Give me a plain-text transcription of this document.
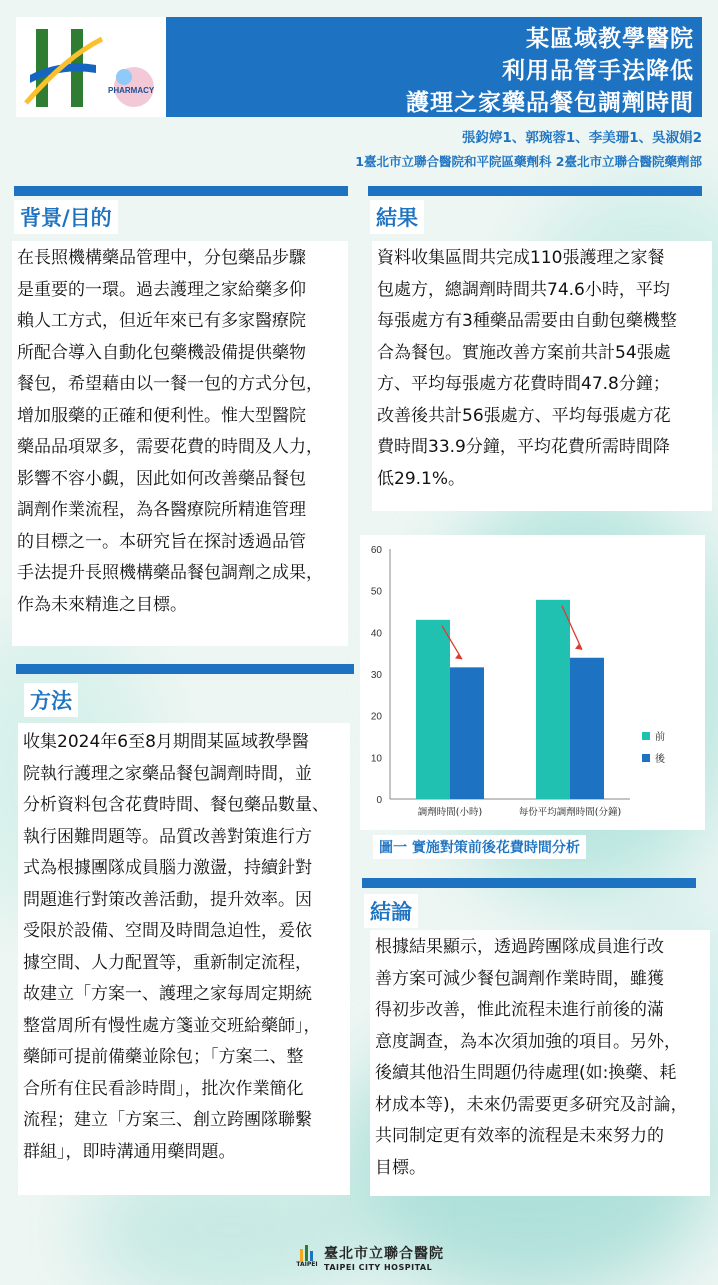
PHARMACY
某區域教學醫院
利用品管手法降低
護理之家藥品餐包調劑時間
張鈞婷1、郭琬蓉1、李美珊1、吳淑娟2
1臺北市立聯合醫院和平院區藥劑科 2臺北市立聯合醫院藥劑部
背景/目的
在長照機構藥品管理中，分包藥品步驟
是重要的一環。過去護理之家給藥多仰
賴人工方式，但近年來已有多家醫療院
所配合導入自動化包藥機設備提供藥物
餐包，希望藉由以一餐一包的方式分包，
增加服藥的正確和便利性。惟大型醫院
藥品品項眾多，需要花費的時間及人力，
影響不容小覷，因此如何改善藥品餐包
調劑作業流程，為各醫療院所精進管理
的目標之一。本研究旨在探討透過品管
手法提升長照機構藥品餐包調劑之成果，
作為未來精進之目標。
方法
收集2024年6至8月期間某區域教學醫
院執行護理之家藥品餐包調劑時間，並
分析資料包含花費時間、餐包藥品數量、
執行困難問題等。品質改善對策進行方
式為根據團隊成員腦力激盪，持續針對
問題進行對策改善活動，提升效率。因
受限於設備、空間及時間急迫性，爰依
據空間、人力配置等，重新制定流程，
故建立「方案一、護理之家每周定期統
整當周所有慢性處方箋並交班給藥師」，
藥師可提前備藥並除包；「方案二、整
合所有住民看診時間」，批次作業簡化
流程；建立「方案三、創立跨團隊聯繫
群組」，即時溝通用藥問題。
結果
資料收集區間共完成110張護理之家餐
包處方，總調劑時間共74.6小時，平均
每張處方有3種藥品需要由自動包藥機整
合為餐包。實施改善方案前共計54張處
方、平均每張處方花費時間47.8分鐘；
改善後共計56張處方、平均每張處方花
費時間33.9分鐘，平均花費所需時間降
低29.1%。
0
10
20
30
40
50
60
調劑時間(小時)	每份平均調劑時間(分鐘)
前
後
圖一 實施對策前後花費時間分析
結論
根據結果顯示，透過跨團隊成員進行改
善方案可減少餐包調劑作業時間，雖獲
得初步改善，惟此流程未進行前後的滿
意度調查，為本次須加強的項目。另外，
後續其他沿生問題仍待處理(如:換藥、耗
材成本等)，未來仍需要更多研究及討論，
共同制定更有效率的流程是未來努力的
目標。
TAIPEI
臺北市立聯合醫院
TAIPEI CITY HOSPITAL
